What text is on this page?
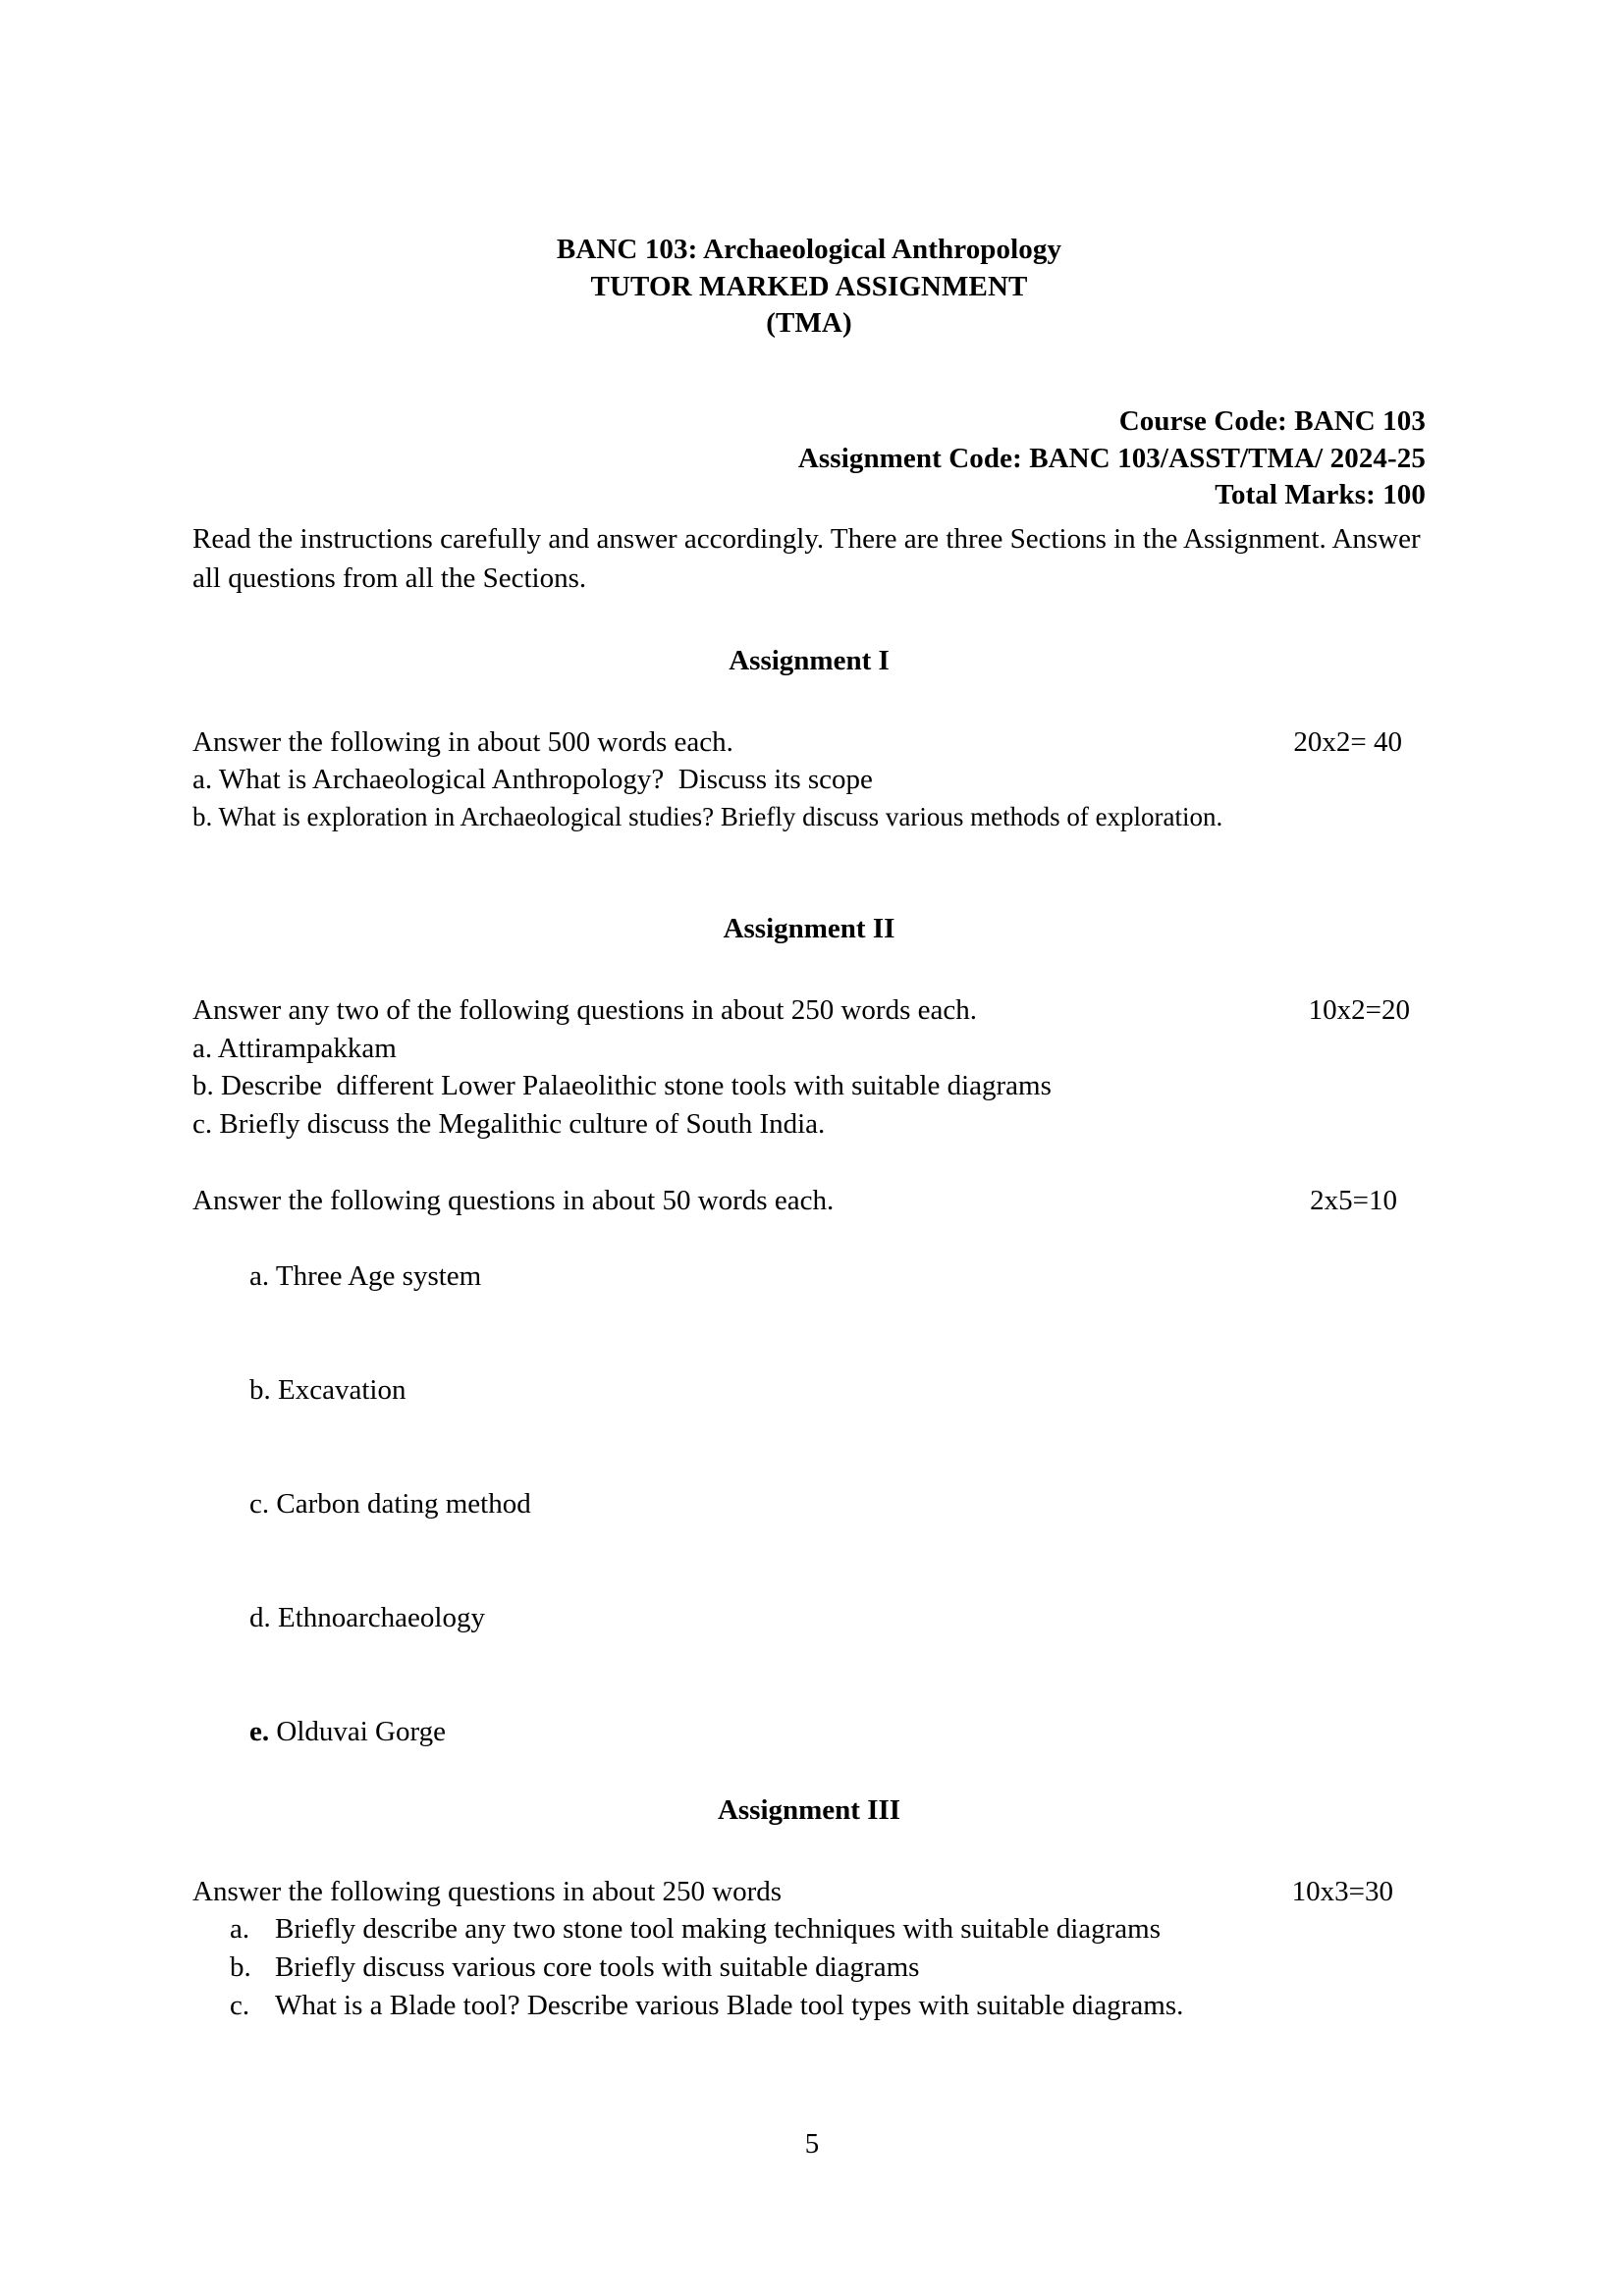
BANC 103: Archaeological Anthropology
TUTOR MARKED ASSIGNMENT
(TMA)
Course Code: BANC 103
Assignment Code: BANC 103/ASST/TMA/ 2024-25
Total Marks: 100
Read the instructions carefully and answer accordingly. There are three Sections in the Assignment. Answer all questions from all the Sections.
Assignment I
Answer the following in about 500 words each.	20x2= 40
a. What is Archaeological Anthropology?  Discuss its scope
b. What is exploration in Archaeological studies? Briefly discuss various methods of exploration.
Assignment II
Answer any two of the following questions in about 250 words each.	10x2=20
a. Attirampakkam
b. Describe  different Lower Palaeolithic stone tools with suitable diagrams
c. Briefly discuss the Megalithic culture of South India.
Answer the following questions in about 50 words each.	2x5=10

a. Three Age system

b. Excavation

c. Carbon dating method

d. Ethnoarchaeology

e. Olduvai Gorge

Assignment III
Answer the following questions in about 250 words	10x3=30
a. Briefly describe any two stone tool making techniques with suitable diagrams
b. Briefly discuss various core tools with suitable diagrams
c. What is a Blade tool? Describe various Blade tool types with suitable diagrams.
5
